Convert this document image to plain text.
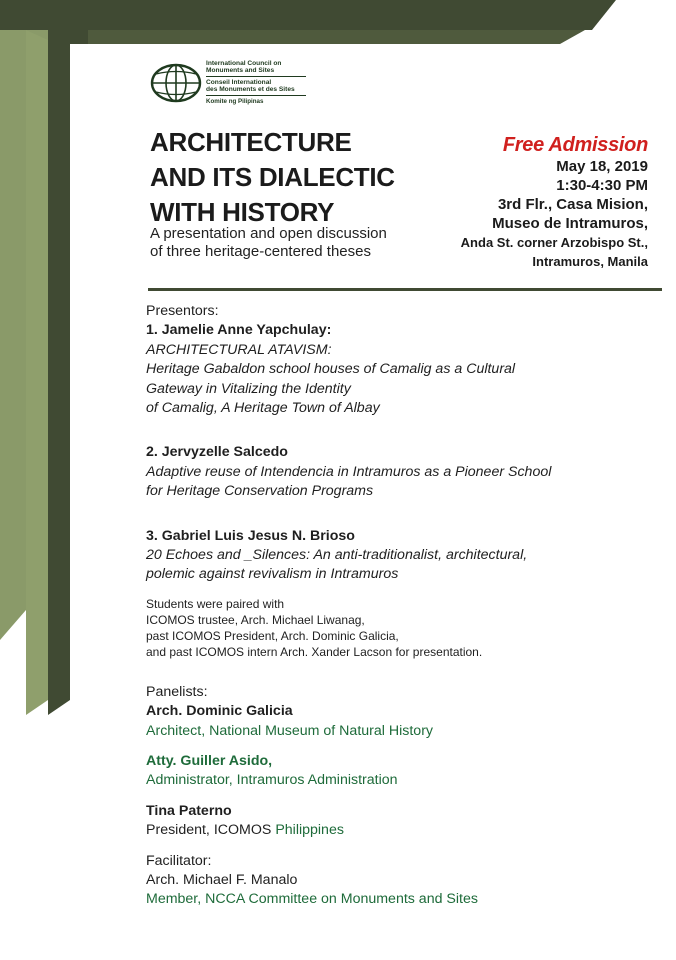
International Council on
Monuments and Sites
Conseil International
des Monuments et des Sites
Komite ng Pilipinas
ARCHITECTURE
AND ITS DIALECTIC
WITH HISTORY
A presentation and open discussion
of three heritage-centered theses
Free Admission
May 18, 2019
1:30-4:30 PM
3rd Flr., Casa Mision,
Museo de Intramuros,
Anda St. corner Arzobispo St.,
Intramuros, Manila
Presentors:
1. Jamelie Anne Yapchulay:
ARCHITECTURAL ATAVISM:
Heritage Gabaldon school houses of Camalig as a Cultural
Gateway in Vitalizing the Identity
of Camalig, A Heritage Town of Albay
2. Jervyzelle Salcedo
Adaptive reuse of Intendencia in Intramuros as a Pioneer School
for Heritage Conservation Programs
3. Gabriel Luis Jesus N. Brioso
20 Echoes and _Silences: An anti-traditionalist, architectural,
polemic against revivalism in Intramuros
Students were paired with
ICOMOS trustee, Arch. Michael Liwanag,
past ICOMOS President, Arch. Dominic Galicia,
and past ICOMOS intern Arch. Xander Lacson for presentation.
Panelists:
Arch. Dominic Galicia
Architect, National Museum of Natural History
Atty. Guiller Asido,
Administrator, Intramuros Administration
Tina Paterno
President, ICOMOS Philippines
Facilitator:
Arch. Michael F. Manalo
Member, NCCA Committee on Monuments and Sites
